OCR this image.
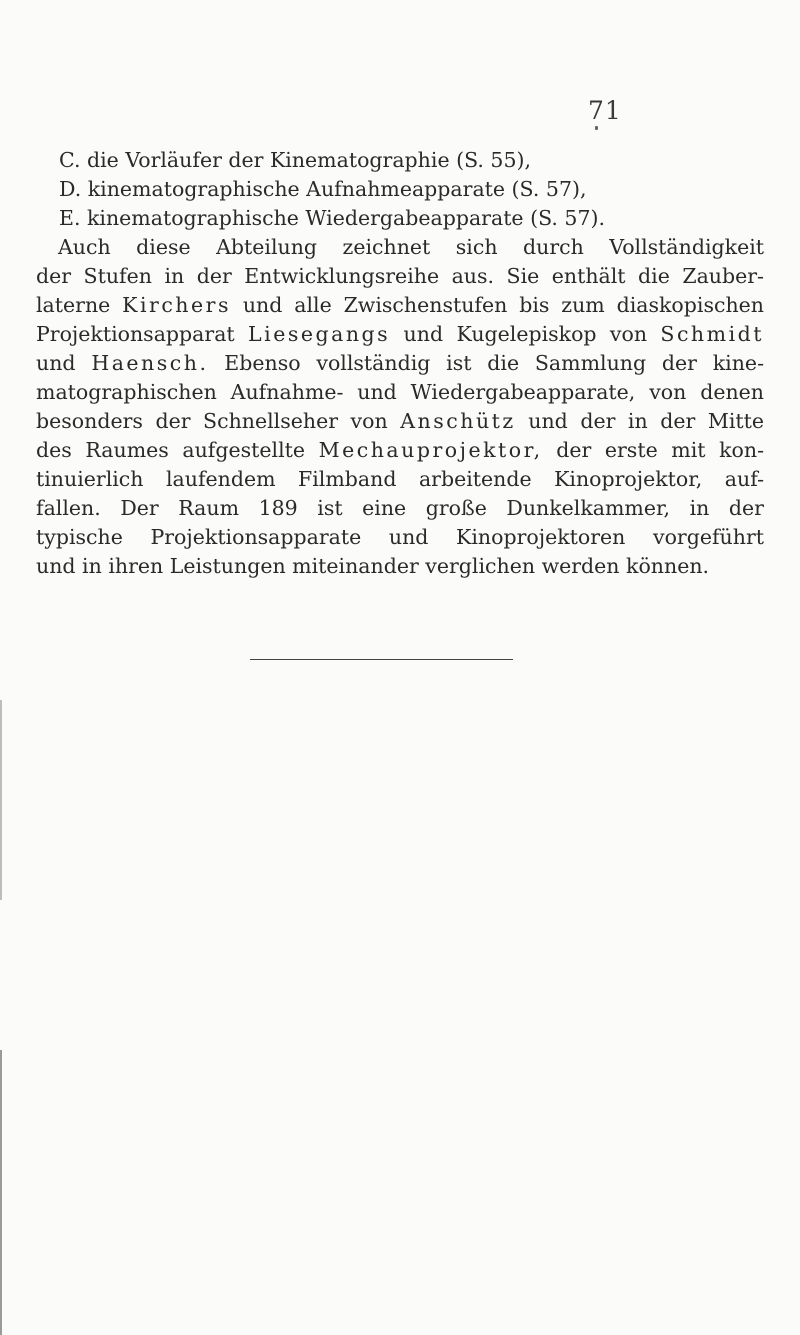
71
C. die Vorläufer der Kinematographie (S. 55),
D. kinematographische Aufnahmeapparate (S. 57),
E. kinematographische Wiedergabeapparate (S. 57).
Auch diese Abteilung zeichnet sich durch Vollständigkeit
der Stufen in der Entwicklungsreihe aus. Sie enthält die Zauber-
laterne Kirchers und alle Zwischenstufen bis zum diaskopischen
Projektionsapparat Liesegangs und Kugelepiskop von Schmidt
und Haensch. Ebenso vollständig ist die Sammlung der kine-
matographischen Aufnahme- und Wiedergabeapparate, von denen
besonders der Schnellseher von Anschütz und der in der Mitte
des Raumes aufgestellte Mechauprojektor, der erste mit kon-
tinuierlich laufendem Filmband arbeitende Kinoprojektor, auf-
fallen. Der Raum 189 ist eine große Dunkelkammer, in der
typische Projektionsapparate und Kinoprojektoren vorgeführt
und in ihren Leistungen miteinander verglichen werden können.
